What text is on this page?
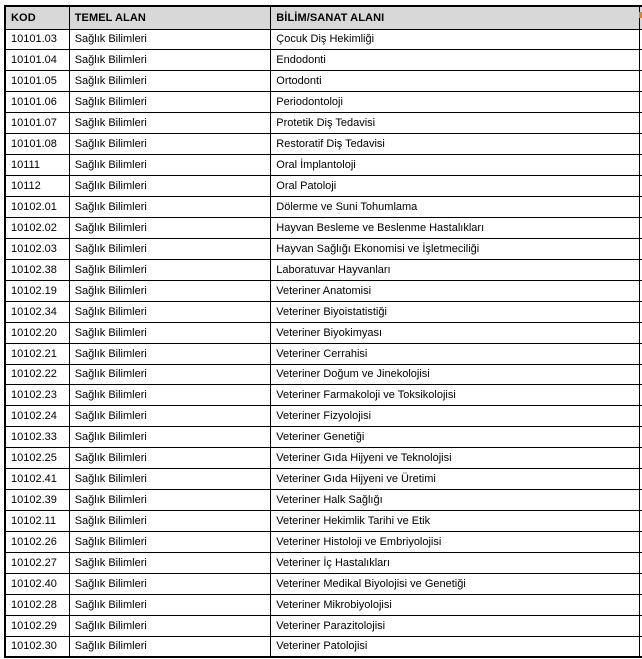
KOD	TEMEL ALAN	BİLİM/SANAT ALANI	
10101.03	Sağlık Bilimleri	Çocuk Diş Hekimliği	
10101.04	Sağlık Bilimleri	Endodonti	
10101.05	Sağlık Bilimleri	Ortodonti	
10101.06	Sağlık Bilimleri	Periodontoloji	
10101.07	Sağlık Bilimleri	Protetik Diş Tedavisi	
10101.08	Sağlık Bilimleri	Restoratif Diş Tedavisi	
10111	Sağlık Bilimleri	Oral İmplantoloji	
10112	Sağlık Bilimleri	Oral Patoloji	
10102.01	Sağlık Bilimleri	Dölerme ve Suni Tohumlama	
10102.02	Sağlık Bilimleri	Hayvan Besleme ve Beslenme Hastalıkları	
10102.03	Sağlık Bilimleri	Hayvan Sağlığı Ekonomisi ve İşletmeciliği	
10102.38	Sağlık Bilimleri	Laboratuvar Hayvanları	
10102.19	Sağlık Bilimleri	Veteriner Anatomisi	
10102.34	Sağlık Bilimleri	Veteriner Biyoistatistiği	
10102.20	Sağlık Bilimleri	Veteriner Biyokimyası	
10102.21	Sağlık Bilimleri	Veteriner Cerrahisi	
10102.22	Sağlık Bilimleri	Veteriner Doğum ve Jinekolojisi	
10102.23	Sağlık Bilimleri	Veteriner Farmakoloji ve Toksikolojisi	
10102.24	Sağlık Bilimleri	Veteriner Fizyolojisi	
10102.33	Sağlık Bilimleri	Veteriner Genetiği	
10102.25	Sağlık Bilimleri	Veteriner Gıda Hijyeni ve Teknolojisi	
10102.41	Sağlık Bilimleri	Veteriner Gıda Hijyeni ve Üretimi	
10102.39	Sağlık Bilimleri	Veteriner Halk Sağlığı	
10102.11	Sağlık Bilimleri	Veteriner Hekimlik Tarihi ve Etik	
10102.26	Sağlık Bilimleri	Veteriner Histoloji ve Embriyolojisi	
10102.27	Sağlık Bilimleri	Veteriner İç Hastalıkları	
10102.40	Sağlık Bilimleri	Veteriner Medikal Biyolojisi ve Genetiği	
10102.28	Sağlık Bilimleri	Veteriner Mikrobiyolojisi	
10102.29	Sağlık Bilimleri	Veteriner Parazitolojisi	
10102.30	Sağlık Bilimleri	Veteriner Patolojisi	
